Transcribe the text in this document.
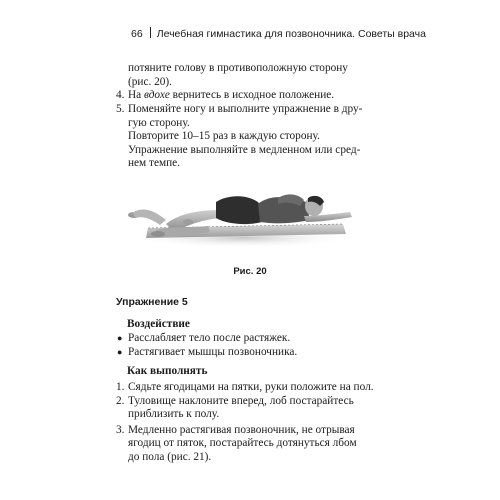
66 Лечебная гимнастика для позвоночника. Советы врача
потяните голову в противоположную сторону
(рис. 20).
4. На вдохе вернитесь в исходное положение.
5. Поменяйте ногу и выполните упражнение в дру-
гую сторону.
Повторите 10–15 раз в каждую сторону.
Упражнение выполняйте в медленном или сред-
нем темпе.
Рис. 20
Упражнение 5
Воздействие
● Расслабляет тело после растяжек.
● Растягивает мышцы позвоночника.
Как выполнять
1. Сядьте ягодицами на пятки, руки положите на пол.
2. Туловище наклоните вперед, лоб постарайтесь
приблизить к полу.
3. Медленно растягивая позвоночник, не отрывая
ягодиц от пяток, постарайтесь дотянуться лбом
до пола (рис. 21).
